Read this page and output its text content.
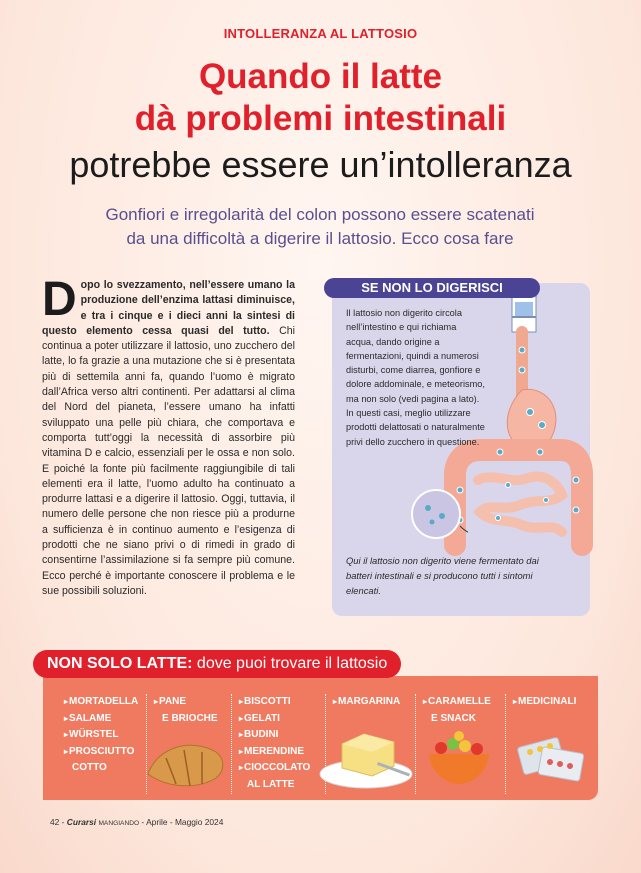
INTOLLERANZA AL LATTOSIO
Quando il latte
dà problemi intestinali
potrebbe essere un’intolleranza
Gonfiori e irregolarità del colon possono essere scatenati
da una difficoltà a digerire il lattosio. Ecco cosa fare
Dopo lo svezzamento, nell’essere umano la produzione dell’enzima lattasi diminuisce, e tra i cinque e i dieci anni la sintesi di questo elemento cessa quasi del tutto. Chi continua a poter utilizzare il lattosio, uno zucchero del latte, lo fa grazie a una mutazione che si è presentata più di settemila anni fa, quando l’uomo è migrato dall’Africa verso altri continenti. Per adattarsi al clima del Nord del pianeta, l’essere umano ha infatti sviluppato una pelle più chiara, che comportava e comporta tutt’oggi la necessità di assorbire più vitamina D e calcio, essenziali per le ossa e non solo. E poiché la fonte più facilmente raggiungibile di tali elementi era il latte, l’uomo adulto ha continuato a produrre lattasi e a digerire il lattosio. Oggi, tuttavia, il numero delle persone che non riesce più a produrne a sufficienza è in continuo aumento e l’esigenza di prodotti che ne siano privi o di rimedi in grado di consentirne l’assimilazione si fa sempre più comune. Ecco perché è importante conoscere il problema e le sue possibili soluzioni.
SE NON LO DIGERISCI
Il lattosio non digerito circola nell’intestino e qui richiama acqua, dando origine a fermentazioni, quindi a numerosi disturbi, come diarrea, gonfiore e dolore addominale, e meteorismo, ma non solo (vedi pagina a lato). In questi casi, meglio utilizzare prodotti delattosati o naturalmente privi dello zucchero in questione.
Qui il lattosio non digerito viene fermentato dai batteri intestinali e si producono tutti i sintomi elencati.
NON SOLO LATTE: dove puoi trovare il lattosio
▸MORTADELLA
▸SALAME
▸WÜRSTEL
▸PROSCIUTTO
COTTO
▸PANE
E BRIOCHE
▸BISCOTTI
▸GELATI
▸BUDINI
▸MERENDINE
▸CIOCCOLATO
AL LATTE
▸MARGARINA	▸CARAMELLE
E SNACK
▸MEDICINALI
42 - Curarsi MANGIANDO - Aprile - Maggio 2024
